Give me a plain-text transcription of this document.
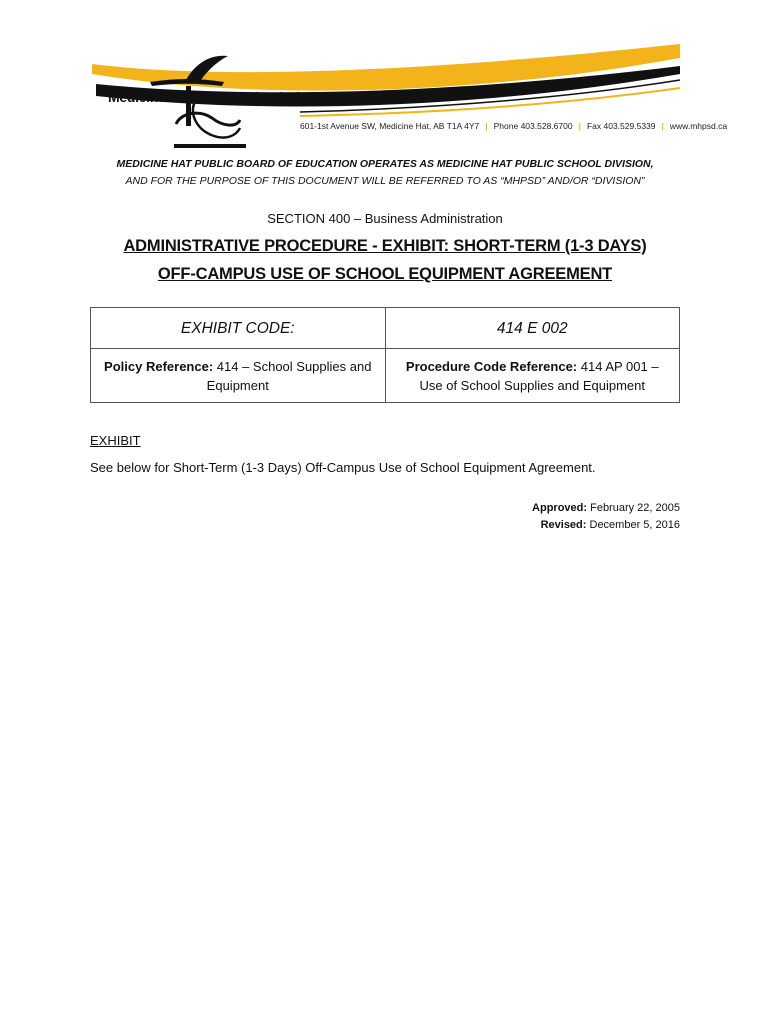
Medicine Hat Public School Division
601-1st Avenue SW, Medicine Hat, AB T1A 4Y7 | Phone 403.528.6700 | Fax 403.529.5339 | www.mhpsd.ca
MEDICINE HAT PUBLIC BOARD OF EDUCATION OPERATES AS MEDICINE HAT PUBLIC SCHOOL DIVISION,
AND FOR THE PURPOSE OF THIS DOCUMENT WILL BE REFERRED TO AS “MHPSD” AND/OR “DIVISION”
SECTION 400 – Business Administration
ADMINISTRATIVE PROCEDURE - EXHIBIT: SHORT-TERM (1-3 DAYS)
OFF-CAMPUS USE OF SCHOOL EQUIPMENT AGREEMENT
EXHIBIT CODE:	414 E 002
Policy Reference: 414 – School Supplies and Equipment	Procedure Code Reference: 414 AP 001 – Use of School Supplies and Equipment
EXHIBIT
See below for Short-Term (1-3 Days) Off-Campus Use of School Equipment Agreement.
Approved: February 22, 2005
Revised: December 5, 2016
